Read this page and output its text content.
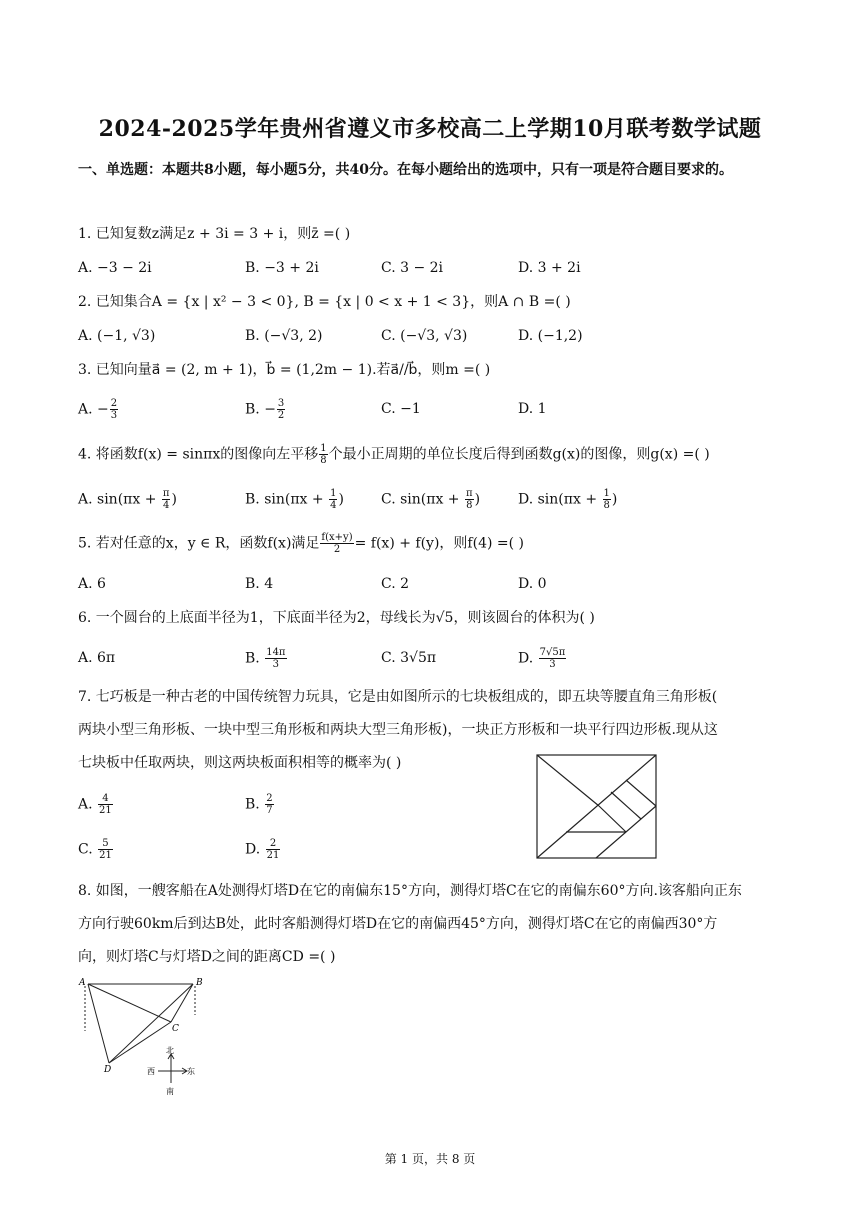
2024-2025学年贵州省遵义市多校高二上学期10月联考数学试题
一、单选题：本题共8小题，每小题5分，共40分。在每小题给出的选项中，只有一项是符合题目要求的。
1. 已知复数z满足z + 3i = 3 + i，则z̄ =( )
A. −3 − 2i	B. −3 + 2i	C. 3 − 2i	D. 3 + 2i
2. 已知集合A = {x | x² − 3 < 0}, B = {x | 0 < x + 1 < 3}，则A ∩ B =( )
A. (−1, √3)	B. (−√3, 2)	C. (−√3, √3)	D. (−1,2)
3. 已知向量a⃗ = (2, m + 1)，b⃗ = (1,2m − 1).若a⃗//b⃗，则m =( )
A. − $\frac{2}{3}$	B. − $\frac{3}{2}$	C. −1	D. 1
4. 将函数f(x) = sinπx的图像向左平移 $\frac{1}{8}$ 个最小正周期的单位长度后得到函数g(x)的图像，则g(x) =( )
A. $\sin(\pi x + \frac{\pi}{4}$ )	B. $\sin(\pi x + \frac{1}{4}$ )	C. $\sin(\pi x + \frac{\pi}{8}$ )	D. $\sin(\pi x + \frac{1}{8}$ )
5. 若对任意的x，y ∈ R，函数f(x)满足 $\frac{f(x+y)}{2} = f(x) + f(y)$，则f(4) =( )
A. 6	B. 4	C. 2	D. 0
6. 一个圆台的上底面半径为1，下底面半径为2，母线长为√5，则该圆台的体积为( )
A. 6π	B. $\frac{14\pi}{3}$	C. 3√5π	D. $\frac{7√5\pi}{3}$
7. 七巧板是一种古老的中国传统智力玩具，它是由如图所示的七块板组成的，即五块等腰直角三角形板(
两块小型三角形板、一块中型三角形板和两块大型三角形板)，一块正方形板和一块平行四边形板.现从这
七块板中任取两块，则这两块板面积相等的概率为( )
A. $\frac{4}{21}$	B. $\frac{2}{7}$
C. $\frac{5}{21}$	D. $\frac{2}{21}$
8. 如图，一艘客船在A处测得灯塔D在它的南偏东15°方向，测得灯塔C在它的南偏东60°方向.该客船向正东
方向行驶60km后到达B处，此时客船测得灯塔D在它的南偏西45°方向，测得灯塔C在它的南偏西30°方
向，则灯塔C与灯塔D之间的距离CD =( )
A	B
C
D
北
南
西	东
第 1 页，共 8 页
